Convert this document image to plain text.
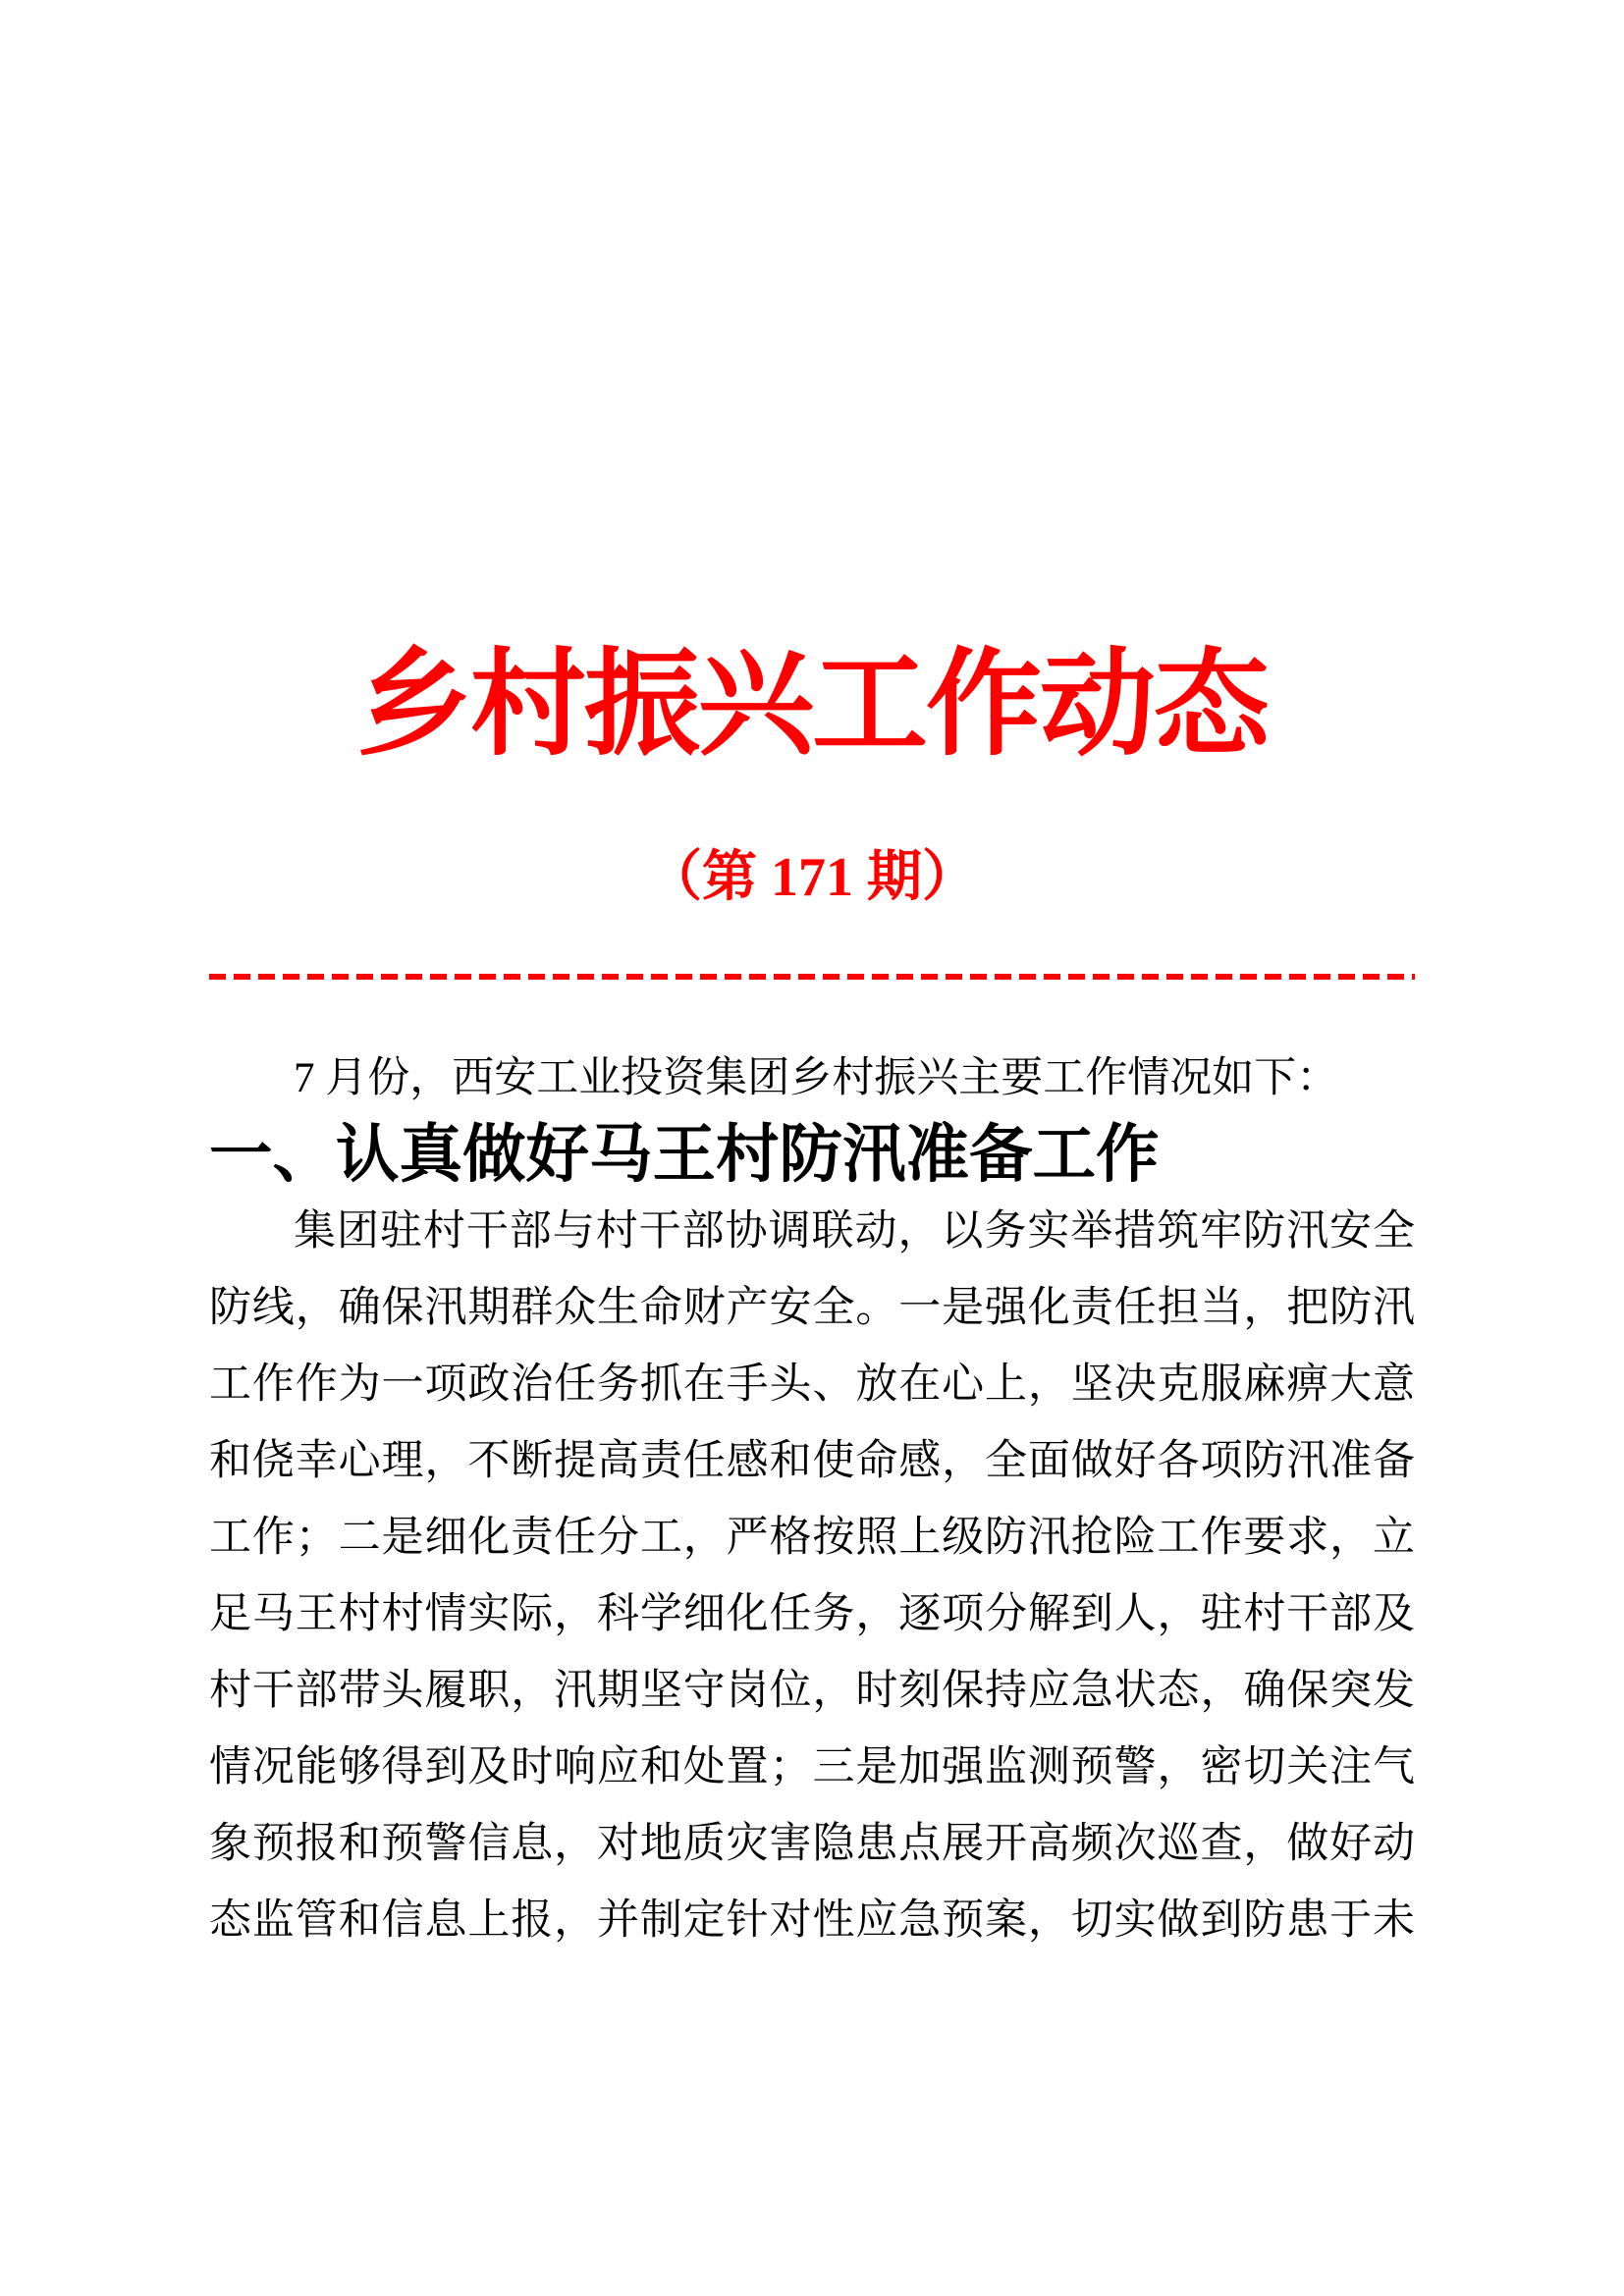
乡村振兴工作动态
（第 171 期）

7 月份，西安工业投资集团乡村振兴主要工作情况如下：

一、认真做好马王村防汛准备工作

集团驻村干部与村干部协调联动，以务实举措筑牢防汛安全

防线，确保汛期群众生命财产安全。一是强化责任担当，把防汛

工作作为一项政治任务抓在手头、放在心上，坚决克服麻痹大意

和侥幸心理，不断提高责任感和使命感，全面做好各项防汛准备

工作；二是细化责任分工，严格按照上级防汛抢险工作要求，立

足马王村村情实际，科学细化任务，逐项分解到人，驻村干部及

村干部带头履职，汛期坚守岗位，时刻保持应急状态，确保突发

情况能够得到及时响应和处置；三是加强监测预警，密切关注气

象预报和预警信息，对地质灾害隐患点展开高频次巡查，做好动

态监管和信息上报，并制定针对性应急预案，切实做到防患于未
